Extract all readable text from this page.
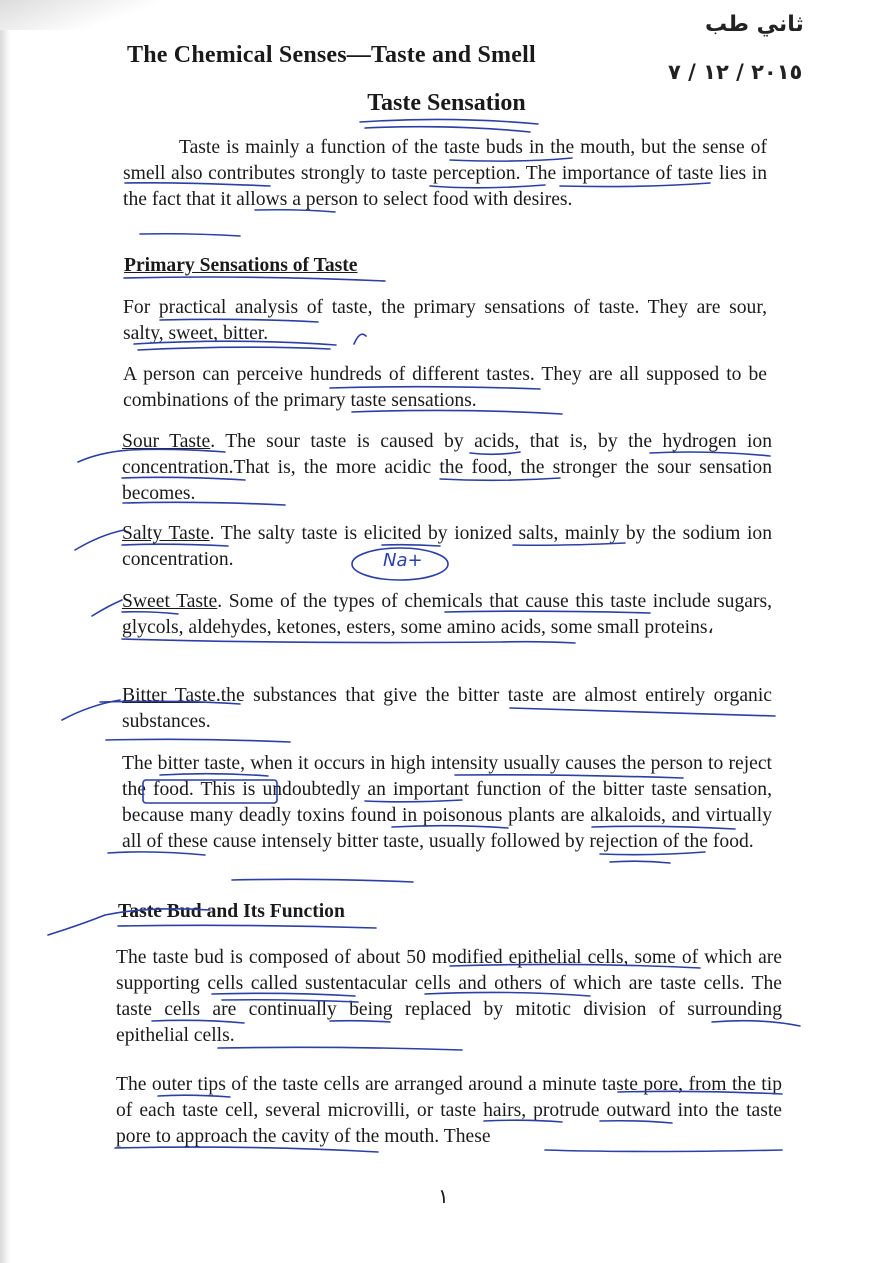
The Chemical Senses—Taste and Smell
ثاني طب
٢٠١٥ / ١٢ / ٧
Taste Sensation

Taste is mainly a function of the taste buds in the mouth, but the sense of smell also contributes strongly to taste perception. The importance of taste lies in the fact that it allows a person to select food with desires.

Primary Sensations of Taste

For practical analysis of taste, the primary sensations of taste. They are sour, salty, sweet, bitter.

A person can perceive hundreds of different tastes. They are all supposed to be combinations of the primary taste sensations.

Sour Taste. The sour taste is caused by acids, that is, by the hydrogen ion concentration.That is, the more acidic the food, the stronger the sour sensation becomes.

Salty Taste. The salty taste is elicited by ionized salts, mainly by the sodium ion concentration.	Na+

Sweet Taste. Some of the types of chemicals that cause this taste include sugars, glycols, aldehydes, ketones, esters, some amino acids, some small proteins،

Bitter Taste.the substances that give the bitter taste are almost entirely organic substances.

The bitter taste, when it occurs in high intensity usually causes the person to reject the food. This is undoubtedly an important function of the bitter taste sensation, because many deadly toxins found in poisonous plants are alkaloids, and virtually all of these cause intensely bitter taste, usually followed by rejection of the food.

Taste Bud and Its Function

The taste bud is composed of about 50 modified epithelial cells, some of which are supporting cells called sustentacular cells and others of which are taste cells. The taste cells are continually being replaced by mitotic division of surrounding epithelial cells.

The outer tips of the taste cells are arranged around a minute taste pore, from the tip of each taste cell, several microvilli, or taste hairs, protrude outward into the taste pore to approach the cavity of the mouth. These

١
